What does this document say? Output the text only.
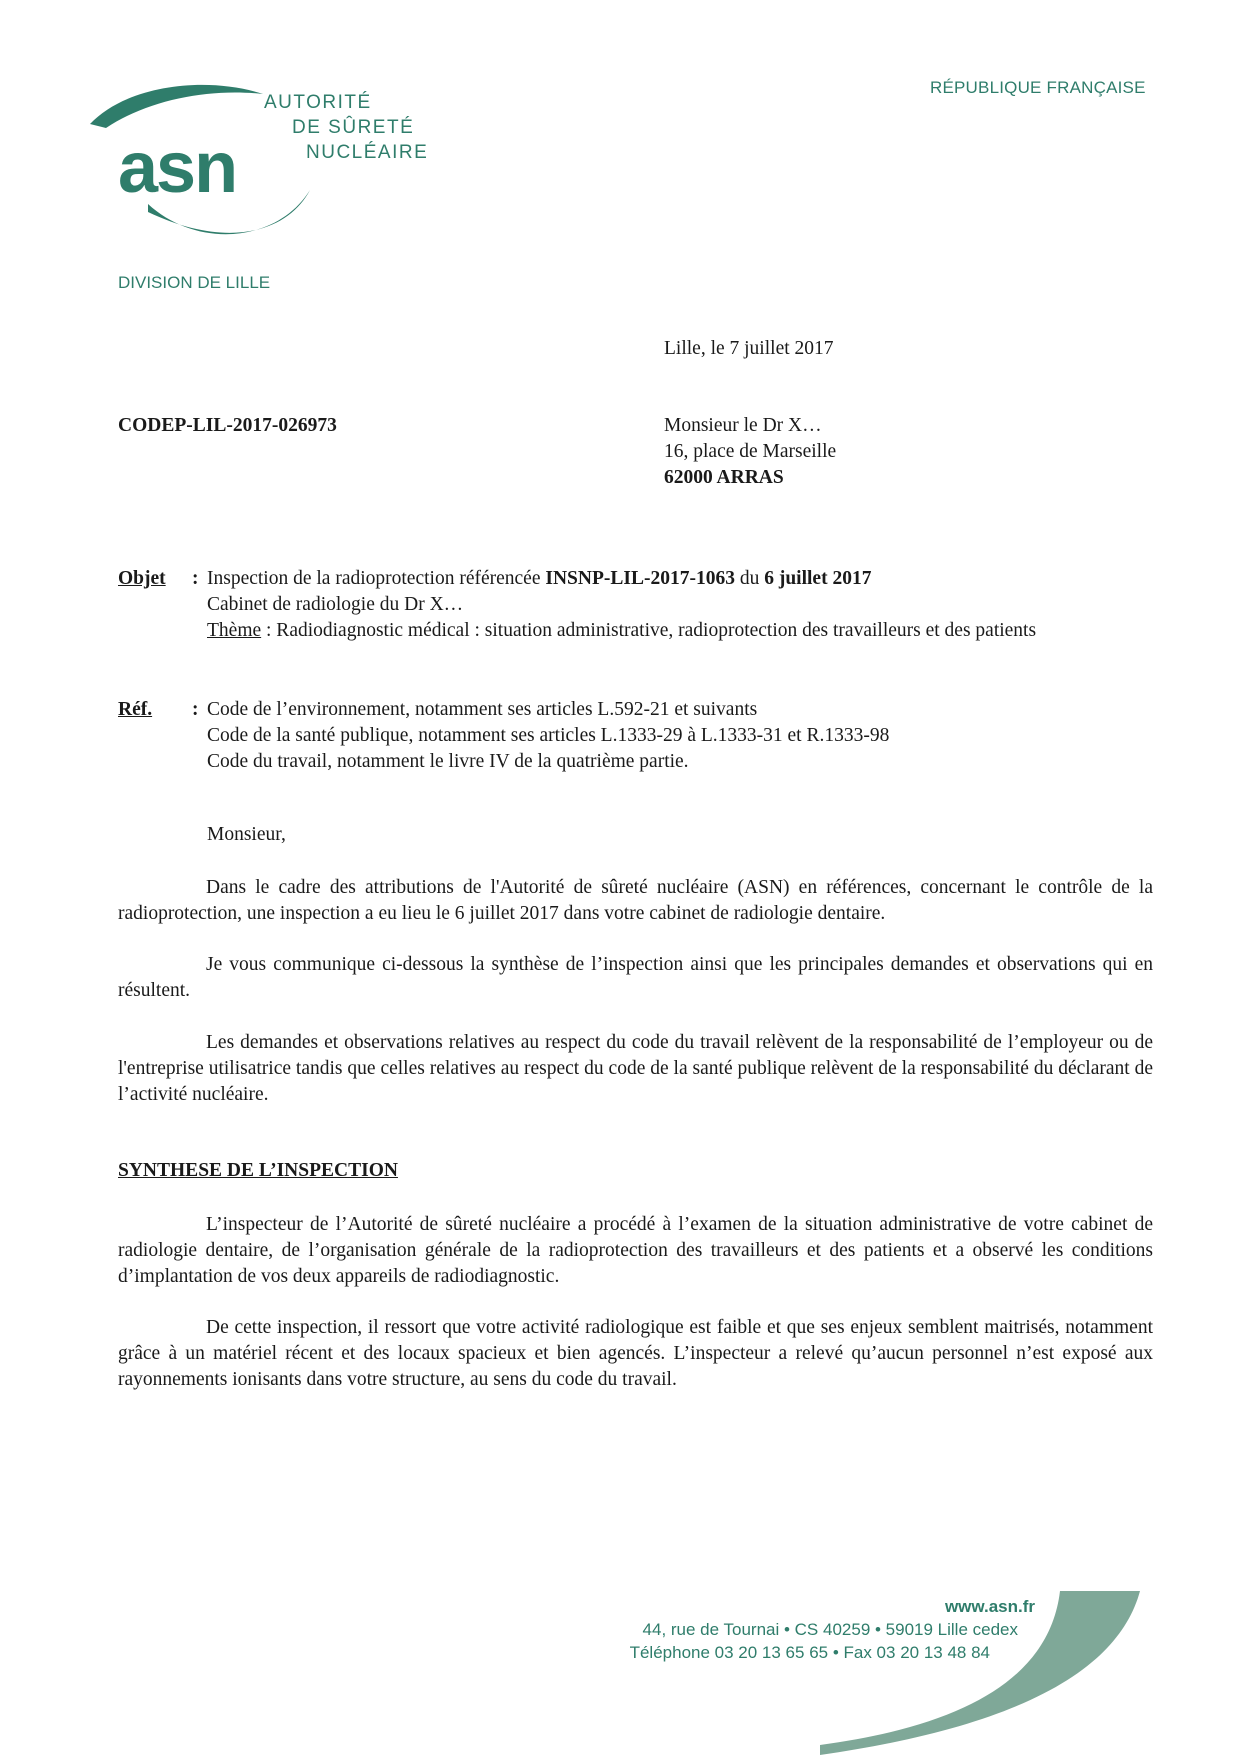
asn
AUTORITÉ
DE SÛRETÉ
NUCLÉAIRE
RÉPUBLIQUE FRANÇAISE
DIVISION DE LILLE
Lille, le 7 juillet 2017
CODEP-LIL-2017-026973	Monsieur le Dr X…
16, place de Marseille
62000 ARRAS
Objet : Inspection de la radioprotection référencée INSNP-LIL-2017-1063 du 6 juillet 2017
Cabinet de radiologie du Dr X…
Thème : Radiodiagnostic médical : situation administrative, radioprotection des travailleurs et des patients
Réf. : Code de l’environnement, notamment ses articles L.592-21 et suivants
Code de la santé publique, notamment ses articles L.1333-29 à L.1333-31 et R.1333-98
Code du travail, notamment le livre IV de la quatrième partie.
Monsieur,
Dans le cadre des attributions de l'Autorité de sûreté nucléaire (ASN) en références, concernant le contrôle de la radioprotection, une inspection a eu lieu le 6 juillet 2017 dans votre cabinet de radiologie dentaire.
Je vous communique ci-dessous la synthèse de l’inspection ainsi que les principales demandes et observations qui en résultent.
Les demandes et observations relatives au respect du code du travail relèvent de la responsabilité de l’employeur ou de l'entreprise utilisatrice tandis que celles relatives au respect du code de la santé publique relèvent de la responsabilité du déclarant de l’activité nucléaire.
SYNTHESE DE L’INSPECTION
L’inspecteur de l’Autorité de sûreté nucléaire a procédé à l’examen de la situation administrative de votre cabinet de radiologie dentaire, de l’organisation générale de la radioprotection des travailleurs et des patients et a observé les conditions d’implantation de vos deux appareils de radiodiagnostic.
De cette inspection, il ressort que votre activité radiologique est faible et que ses enjeux semblent maitrisés, notamment grâce à un matériel récent et des locaux spacieux et bien agencés. L’inspecteur a relevé qu’aucun personnel n’est exposé aux rayonnements ionisants dans votre structure, au sens du code du travail.
www.asn.fr
44, rue de Tournai • CS 40259 • 59019 Lille cedex
Téléphone 03 20 13 65 65 • Fax 03 20 13 48 84
